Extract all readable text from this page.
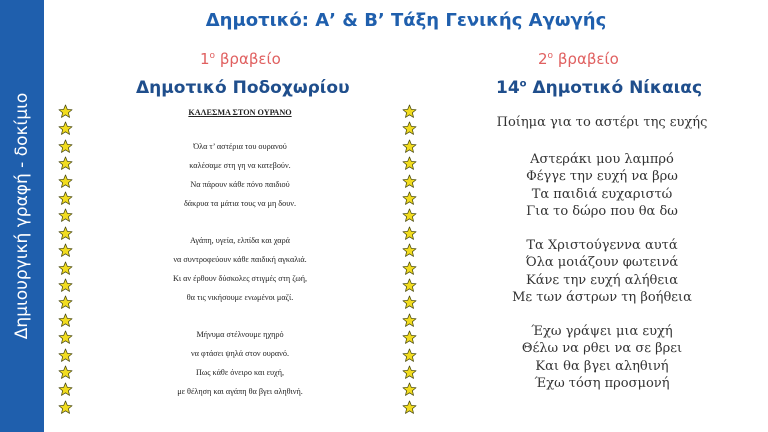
Δημιουργική γραφή - δοκίμιο
Δημοτικό: Α’ & Β’ Τάξη Γενικής Αγωγής
$1^o$ βραβείο
Δημοτικό Ποδοχωρίου
$2^o$ βραβείο
$14^o$ Δημοτικό Νίκαιας
ΚΑΛΕΣΜΑ ΣΤΟΝ ΟΥΡΑΝΟ
Όλα τ’ αστέρια του ουρανού
καλέσαμε στη γη να κατεβούν.
Να πάρουν κάθε πόνο παιδιού
δάκρυα τα μάτια τους να μη δουν.
Αγάπη, υγεία, ελπίδα και χαρά
να συντροφεύουν κάθε παιδική αγκαλιά.
Κι αν έρθουν δύσκολες στιγμές στη ζωή,
θα τις νικήσουμε ενωμένοι μαζί.
Μήνυμα στέλνουμε ηχηρό
να φτάσει ψηλά στον ουρανό.
Πως κάθε όνειρο και ευχή,
με θέληση και αγάπη θα βγει αληθινή.
Ποίημα για το αστέρι της ευχής
Αστεράκι μου λαμπρό
Φέγγε την ευχή να βρω
Τα παιδιά ευχαριστώ
Για το δώρο που θα δω
Τα Χριστούγεννα αυτά
Όλα μοιάζουν φωτεινά
Κάνε την ευχή αλήθεια
Με των άστρων τη βοήθεια
Έχω γράψει μια ευχή
Θέλω να ρθει να σε βρει
Και θα βγει αληθινή
Έχω τόση προσμονή
